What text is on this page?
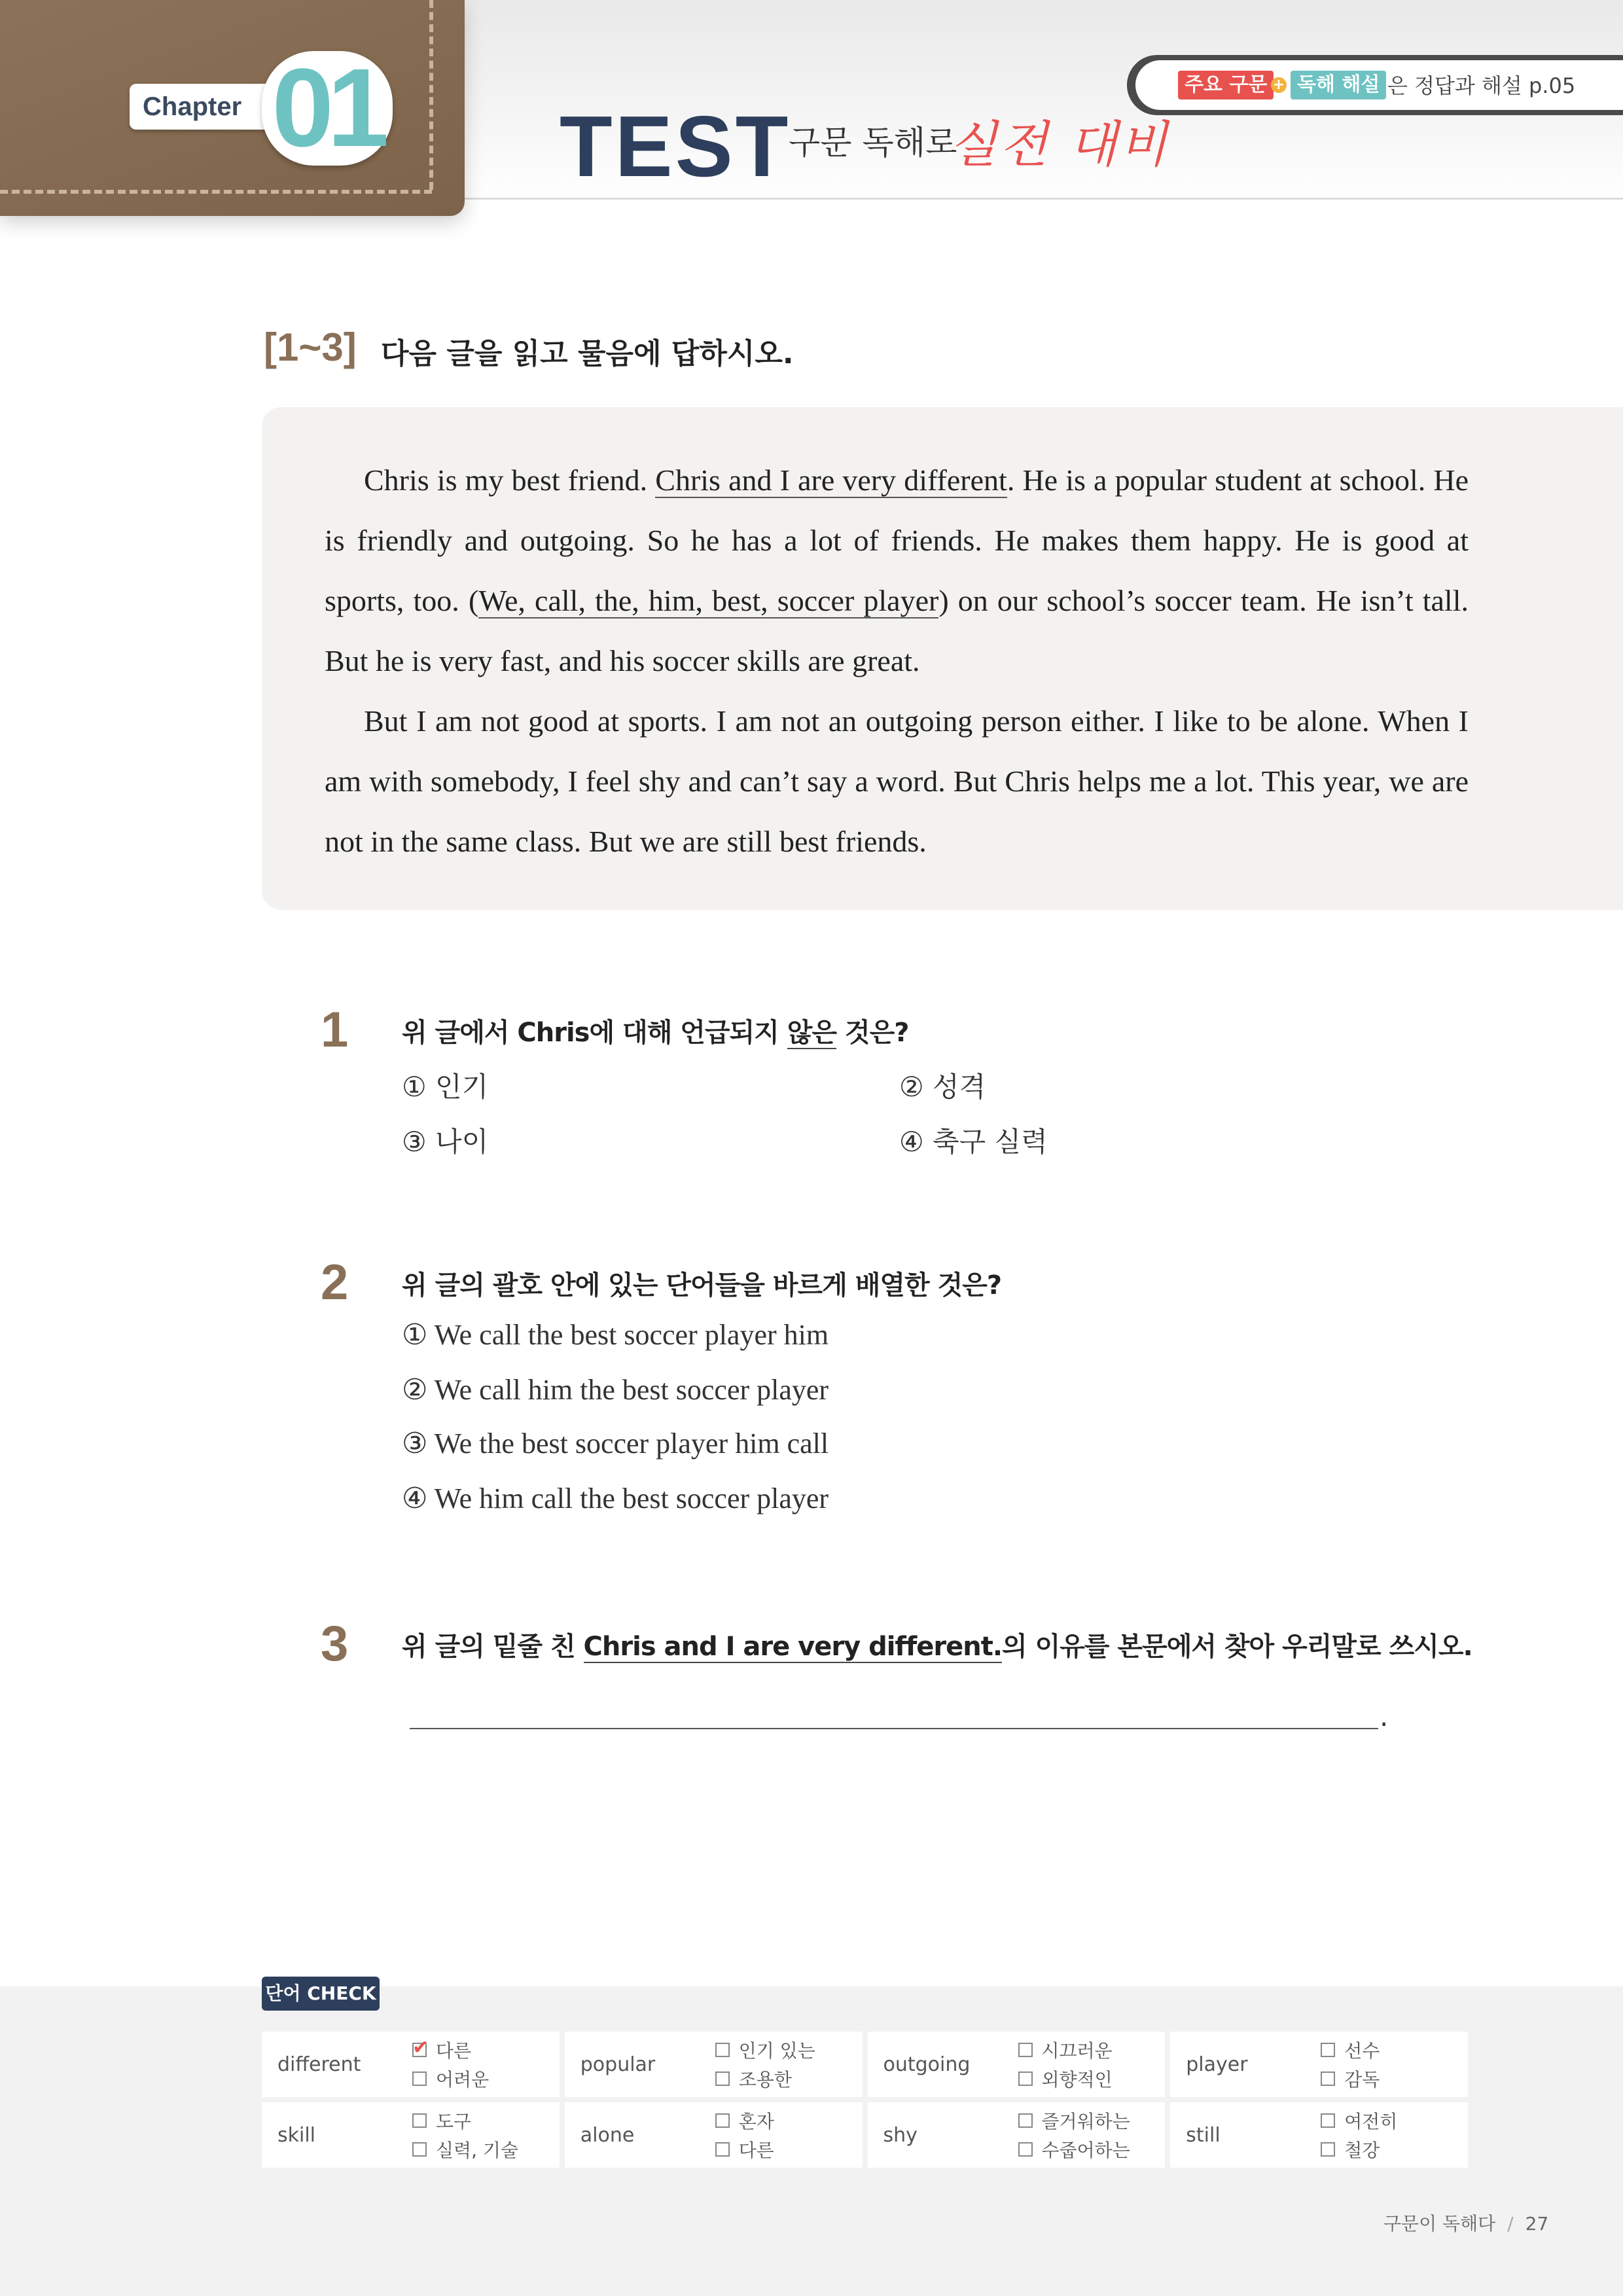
Chapter 01 TEST
구문 독해로
실전 대비
주요 구문 + 독해 해설 은 정답과 해설 p.05
[1~3] 다음 글을 읽고 물음에 답하시오.

Chris is my best friend. Chris and I are very different. He is a popular student at school. He is friendly and outgoing. So he has a lot of friends. He makes them happy. He is good at sports, too. (We, call, the, him, best, soccer player) on our school’s soccer team. He isn’t tall. But he is very fast, and his soccer skills are great.

But I am not good at sports. I am not an outgoing person either. I like to be alone. When I am with somebody, I feel shy and can’t say a word. But Chris helps me a lot. This year, we are not in the same class. But we are still best friends.

1 위 글에서 Chris에 대해 언급되지 않은 것은?
① 인기	② 성격
③ 나이	④ 축구 실력
2 위 글의 괄호 안에 있는 단어들을 바르게 배열한 것은?
① We call the best soccer player him
② We call him the best soccer player
③ We the best soccer player him call
④ We him call the best soccer player
3 위 글의 밑줄 친 Chris and I are very different.의 이유를 본문에서 찾아 우리말로 쓰시오.
.
단어 CHECK
different
✔
다른
어려운
popular
인기 있는
조용한
outgoing
시끄러운
외향적인
player
선수
감독
skill
도구
실력, 기술
alone
혼자
다른
shy
즐거워하는
수줍어하는
still
여전히
철강
구문이 독해다 / 27
